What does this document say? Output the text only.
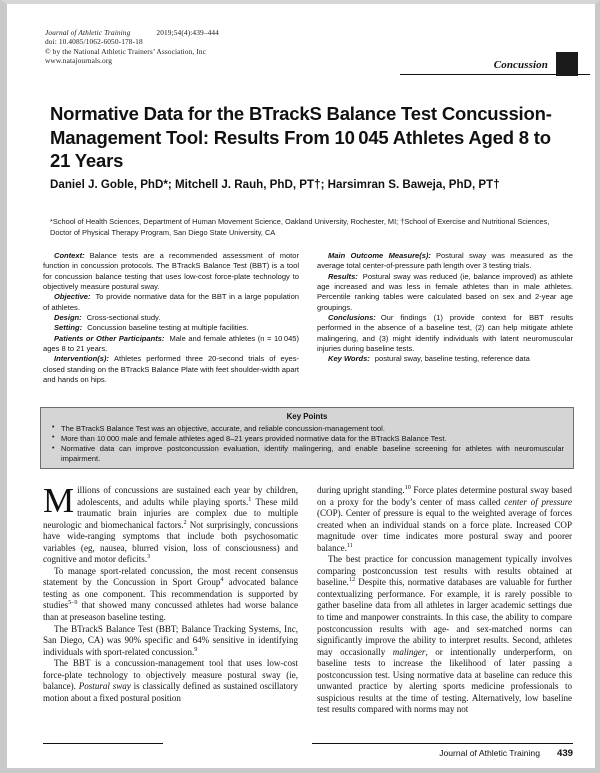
Journal of Athletic Training	2019;54(4):439–444
doi: 10.4085/1062-6050-178-18
© by the National Athletic Trainers’ Association, Inc
www.natajournals.org	Concussion
Normative Data for the BTrackS Balance Test Concussion-Management Tool: Results From 10 045 Athletes Aged 8 to 21 Years
Daniel J. Goble, PhD*; Mitchell J. Rauh, PhD, PT†; Harsimran S. Baweja, PhD, PT†
*School of Health Sciences, Department of Human Movement Science, Oakland University, Rochester, MI; †School of Exercise and Nutritional Sciences, Doctor of Physical Therapy Program, San Diego State University, CA

Context: Balance tests are a recommended assessment of motor function in concussion protocols. The BTrackS Balance Test (BBT) is a tool for concussion balance testing that uses low-cost force-plate technology to objectively measure postural sway.

Objective: To provide normative data for the BBT in a large population of athletes.

Design: Cross-sectional study.

Setting: Concussion baseline testing at multiple facilities.

Patients or Other Participants: Male and female athletes (n = 10 045) ages 8 to 21 years.

Intervention(s): Athletes performed three 20-second trials of eyes-closed standing on the BTrackS Balance Plate with feet shoulder-width apart and hands on hips.

Main Outcome Measure(s): Postural sway was measured as the average total center-of-pressure path length over 3 testing trials.

Results: Postural sway was reduced (ie, balance improved) as athlete age increased and was less in female athletes than in male athletes. Percentile ranking tables were calculated based on sex and 2-year age groupings.

Conclusions: Our findings (1) provide context for BBT results performed in the absence of a baseline test, (2) can help mitigate athlete malingering, and (3) might identify individuals with latent neuromuscular injuries during baseline tests.

Key Words: postural sway, baseline testing, reference data

Key Points
• The BTrackS Balance Test was an objective, accurate, and reliable concussion-management tool.
• More than 10 000 male and female athletes aged 8–21 years provided normative data for the BTrackS Balance Test.
• Normative data can improve postconcussion evaluation, identify malingering, and enable baseline screening for athletes with neuromuscular impairment.

Millions of concussions are sustained each year by children, adolescents, and adults while playing sports.$^1$ These mild traumatic brain injuries are complex due to multiple neurologic and biomechanical factors.$^2$ Not surprisingly, concussions have wide-ranging symptoms that include both psychosomatic variables (eg, nausea, blurred vision, loss of consciousness) and cognitive and motor deficits.$^3$

To manage sport-related concussion, the most recent consensus statement by the Concussion in Sport Group$^4$ advocated balance testing as one component. This recommendation is supported by studies$^{5-9}$ that showed many concussed athletes had worse balance than at preseason baseline testing.

The BTrackS Balance Test (BBT; Balance Tracking Systems, Inc, San Diego, CA) was 90% specific and 64% sensitive in identifying individuals with sport-related concussion.$^9$

The BBT is a concussion-management tool that uses low-cost force-plate technology to objectively measure postural sway (ie, balance). Postural sway is classically defined as sustained oscillatory motion about a fixed postural position

during upright standing.$^{10}$ Force plates determine postural sway based on a proxy for the body’s center of mass called center of pressure (COP). Center of pressure is equal to the weighted average of forces created when an individual stands on a force plate. Increased COP magnitude over time indicates more postural sway and poorer balance.$^{11}$

The best practice for concussion management typically involves comparing postconcussion test results with results obtained at baseline.$^{12}$ Despite this, normative databases are valuable for further contextualizing performance. For example, it is rarely possible to gather baseline data from all athletes in larger academic settings due to time and manpower constraints. In this case, the ability to compare postconcussion results with age- and sex-matched norms can significantly improve the ability to interpret results. Second, athletes may occasionally malinger, or intentionally underperform, on baseline tests to increase the likelihood of later passing a postconcussion test. Using normative data at baseline can reduce this unwanted practice by alerting sports medicine professionals to suspicious results at the time of testing. Alternatively, low baseline test results compared with norms may not

Journal of Athletic Training 439
